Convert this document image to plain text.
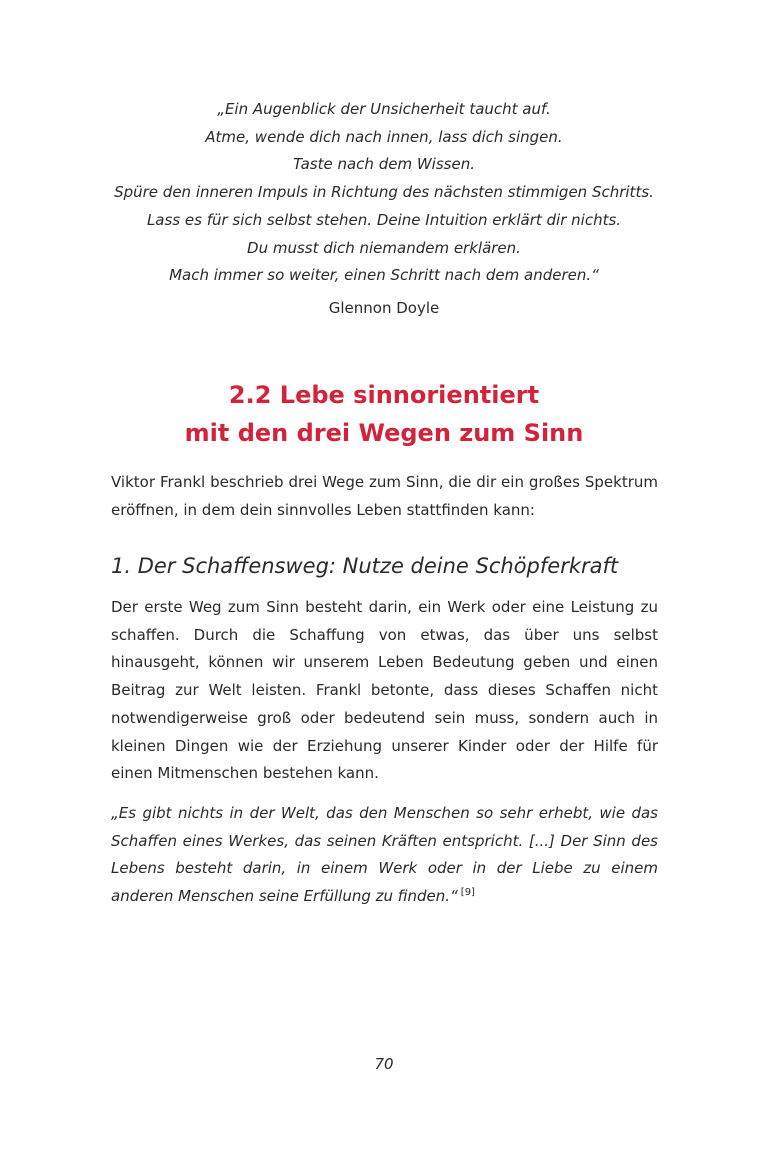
„Ein Augenblick der Unsicherheit taucht auf.
Atme, wende dich nach innen, lass dich singen.
Taste nach dem Wissen.
Spüre den inneren Impuls in Richtung des nächsten stimmigen Schritts.
Lass es für sich selbst stehen. Deine Intuition erklärt dir nichts.
Du musst dich niemandem erklären.
Mach immer so weiter, einen Schritt nach dem anderen.“
Glennon Doyle
2.2 Lebe sinnorientiert
mit den drei Wegen zum Sinn

Viktor Frankl beschrieb drei Wege zum Sinn, die dir ein großes Spektrum eröffnen, in dem dein sinnvolles Leben stattfinden kann:

1. Der Schaffensweg: Nutze deine Schöpferkraft

Der erste Weg zum Sinn besteht darin, ein Werk oder eine Leistung zu schaffen. Durch die Schaffung von etwas, das über uns selbst hinausgeht, können wir unserem Leben Bedeutung geben und einen Beitrag zur Welt leisten. Frankl betonte, dass dieses Schaffen nicht notwendigerweise groß oder bedeutend sein muss, sondern auch in kleinen Dingen wie der Erziehung unserer Kinder oder der Hilfe für einen Mitmenschen bestehen kann.

„Es gibt nichts in der Welt, das den Menschen so sehr erhebt, wie das Schaffen eines Werkes, das seinen Kräften entspricht. [...] Der Sinn des Lebens besteht darin, in einem Werk oder in der Liebe zu einem anderen Menschen seine Erfüllung zu finden.“ [9]

70
